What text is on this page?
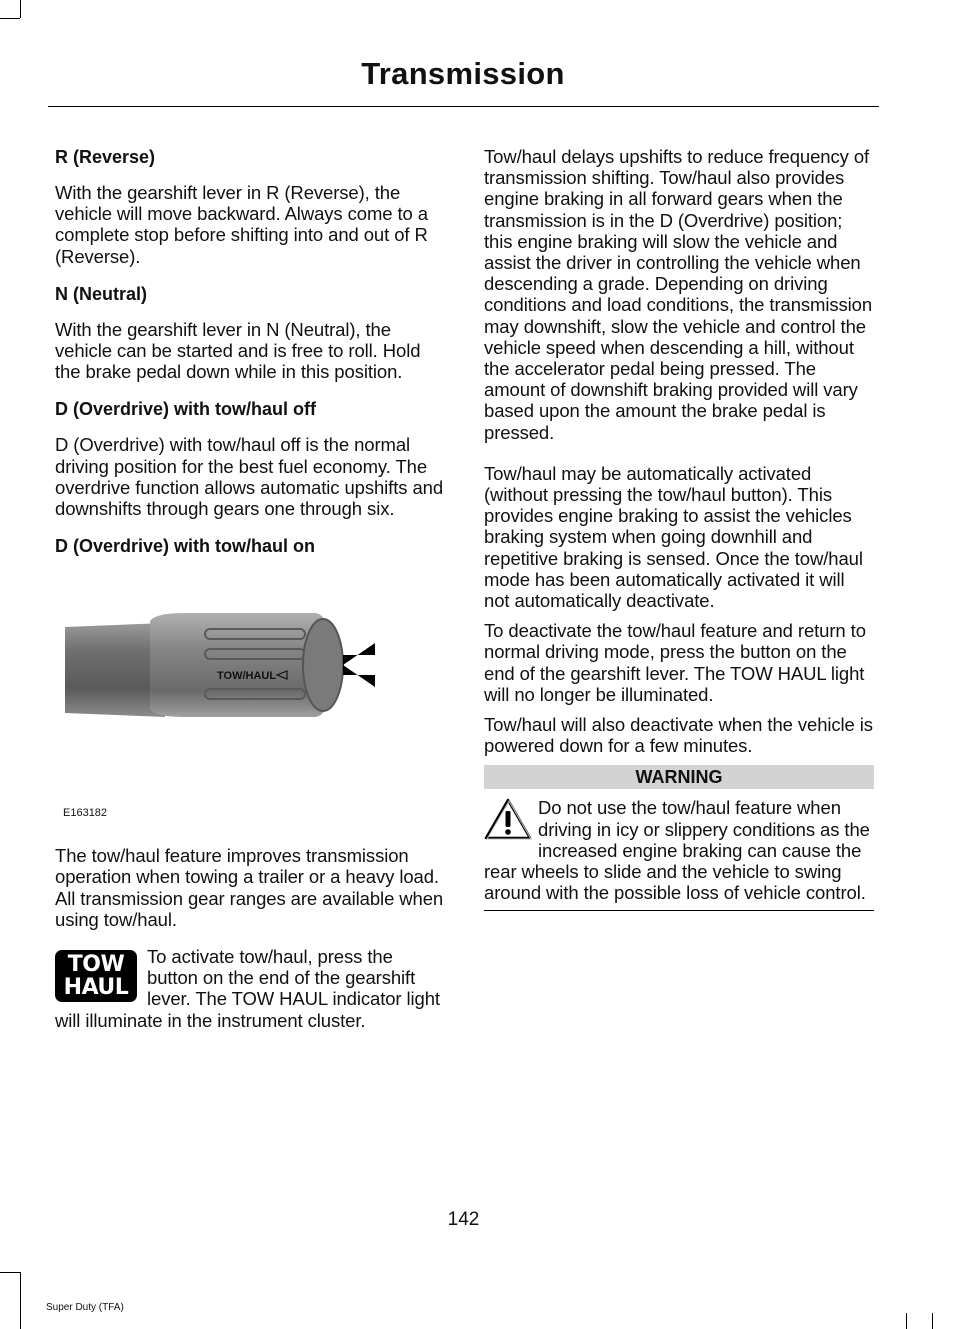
Transmission
R (Reverse)
With the gearshift lever in R (Reverse), the vehicle will move backward. Always come to a complete stop before shifting into and out of R (Reverse).
N (Neutral)
With the gearshift lever in N (Neutral), the vehicle can be started and is free to roll. Hold the brake pedal down while in this position.
D (Overdrive) with tow/haul off
D (Overdrive) with tow/haul off is the normal driving position for the best fuel economy. The overdrive function allows automatic upshifts and downshifts through gears one through six.
D (Overdrive) with tow/haul on
TOW/HAUL
E163182
The tow/haul feature improves transmission operation when towing a trailer or a heavy load. All transmission gear ranges are available when using tow/haul.
TOW
HAUL
To activate tow/haul, press the button on the end of the gearshift lever. The TOW HAUL indicator light will illuminate in the instrument cluster.
Tow/haul delays upshifts to reduce frequency of transmission shifting. Tow/haul also provides engine braking in all forward gears when the transmission is in the D (Overdrive) position; this engine braking will slow the vehicle and assist the driver in controlling the vehicle when descending a grade. Depending on driving conditions and load conditions, the transmission may downshift, slow the vehicle and control the vehicle speed when descending a hill, without the accelerator pedal being pressed. The amount of downshift braking provided will vary based upon the amount the brake pedal is pressed.
Tow/haul may be automatically activated (without pressing the tow/haul button). This provides engine braking to assist the vehicles braking system when going downhill and repetitive braking is sensed. Once the tow/haul mode has been automatically activated it will not automatically deactivate.
To deactivate the tow/haul feature and return to normal driving mode, press the button on the end of the gearshift lever. The TOW HAUL light will no longer be illuminated.
Tow/haul will also deactivate when the vehicle is powered down for a few minutes.
WARNING
Do not use the tow/haul feature when driving in icy or slippery conditions as the increased engine braking can cause the rear wheels to slide and the vehicle to swing around with the possible loss of vehicle control.
142
Super Duty (TFA)
